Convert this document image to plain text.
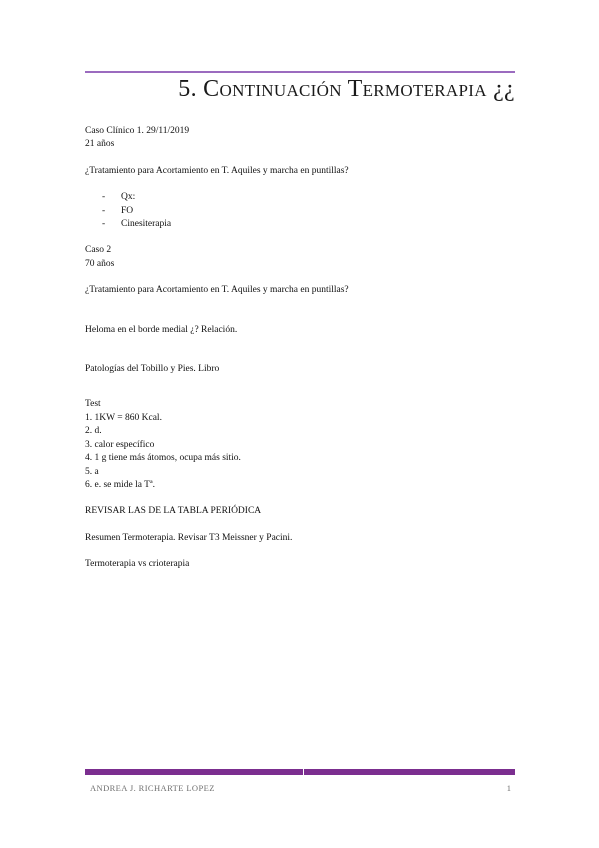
5. Continuación Termoterapia ¿¿

Caso Clínico 1. 29/11/2019

21 años

¿Tratamiento para Acortamiento en T. Aquiles y marcha en puntillas?

- Qx:
- FO
- Cinesiterapia

Caso 2

70 años

¿Tratamiento para Acortamiento en T. Aquiles y marcha en puntillas?

Heloma en el borde medial ¿? Relación.

Patologías del Tobillo y Pies. Libro

Test

1. 1KW = 860 Kcal.

2. d.

3. calor específico

4. 1 g tiene más átomos, ocupa más sitio.

5. a

6. e. se mide la Tª.

REVISAR LAS DE LA TABLA PERIÓDICA

Resumen Termoterapia. Revisar T3 Meissner y Pacini.

Termoterapia vs crioterapia

ANDREA J. RICHARTE LOPEZ	1
